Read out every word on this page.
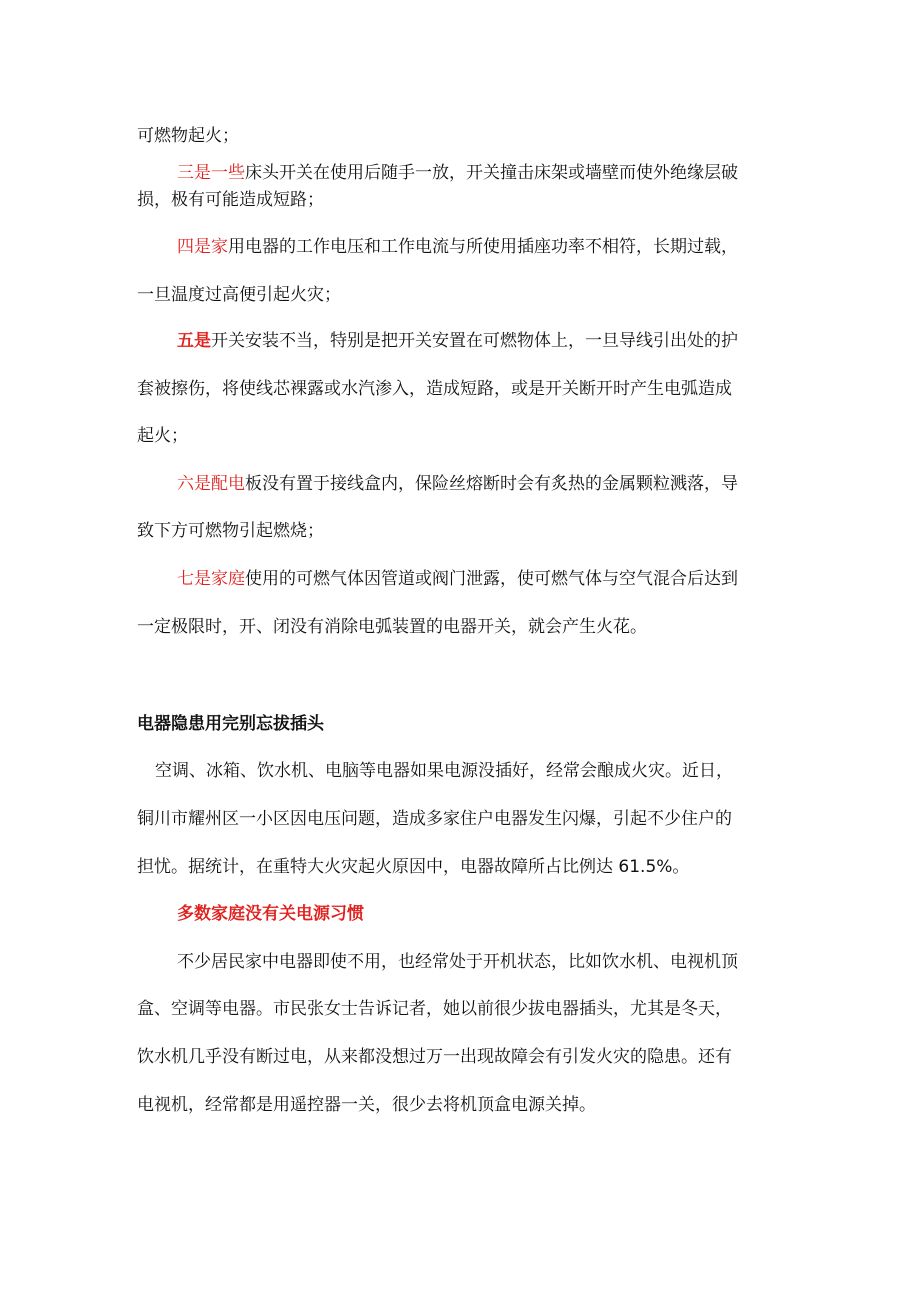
可燃物起火；
三是一些床头开关在使用后随手一放，开关撞击床架或墙壁而使外绝缘层破
损，极有可能造成短路；
四是家用电器的工作电压和工作电流与所使用插座功率不相符，长期过载，
一旦温度过高便引起火灾；
五是开关安装不当，特别是把开关安置在可燃物体上，一旦导线引出处的护
套被擦伤，将使线芯裸露或水汽渗入，造成短路，或是开关断开时产生电弧造成
起火；
六是配电板没有置于接线盒内，保险丝熔断时会有炙热的金属颗粒溅落，导
致下方可燃物引起燃烧；
七是家庭使用的可燃气体因管道或阀门泄露，使可燃气体与空气混合后达到
一定极限时，开、闭没有消除电弧装置的电器开关，就会产生火花。
电器隐患用完别忘拔插头
空调、冰箱、饮水机、电脑等电器如果电源没插好，经常会酿成火灾。近日，
铜川市耀州区一小区因电压问题，造成多家住户电器发生闪爆，引起不少住户的
担忧。据统计，在重特大火灾起火原因中，电器故障所占比例达 61.5%。
多数家庭没有关电源习惯
不少居民家中电器即使不用，也经常处于开机状态，比如饮水机、电视机顶
盒、空调等电器。市民张女士告诉记者，她以前很少拔电器插头，尤其是冬天，
饮水机几乎没有断过电，从来都没想过万一出现故障会有引发火灾的隐患。还有
电视机，经常都是用遥控器一关，很少去将机顶盒电源关掉。
